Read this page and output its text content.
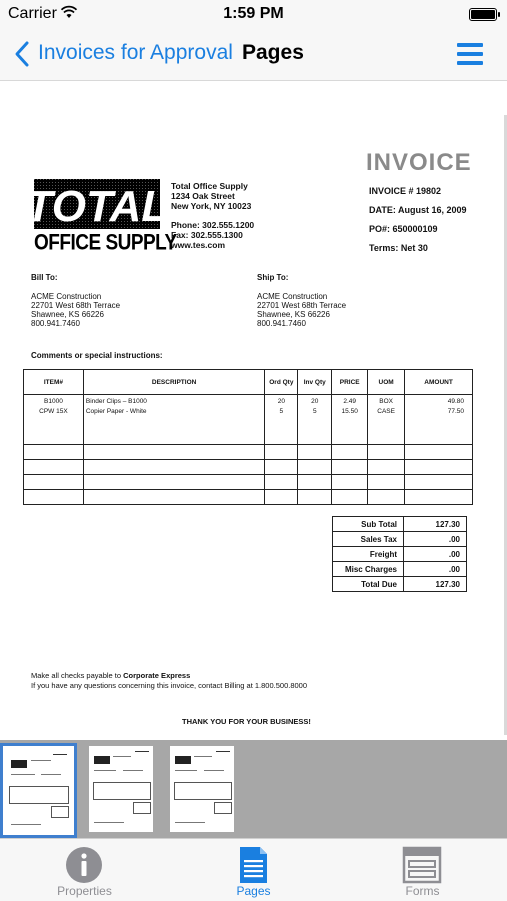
Carrier	1:59 PM
Invoices for Approval Pages
INVOICE
INVOICE # 19802
DATE: August 16, 2009
PO#: 650000109
Terms: Net 30
TOTAL
OFFICE SUPPLY
Total Office Supply
1234 Oak Street
New York, NY 10023
Phone: 302.555.1200
Fax: 302.555.1300
www.tes.com
Bill To:
ACME Construction
22701 West 68th Terrace
Shawnee, KS 66226
800.941.7460
Ship To:
ACME Construction
22701 West 68th Terrace
Shawnee, KS 66226
800.941.7460
Comments or special instructions:
ITEM#	DESCRIPTION	Ord Qty	Inv Qty	PRICE	UOM	AMOUNT
B1000	Binder Clips – B1000	20	20	2.49	BOX	49.80
CPW 15X	Copier Paper - White	5	5	15.50	CASE	77.50

Sub Total	127.30
Sales Tax	.00
Freight	.00
Misc Charges	.00
Total Due	127.30
Make all checks payable to Corporate Express
If you have any questions concerning this invoice, contact Billing at 1.800.500.8000
THANK YOU FOR YOUR BUSINESS!
Properties	Pages	Forms
